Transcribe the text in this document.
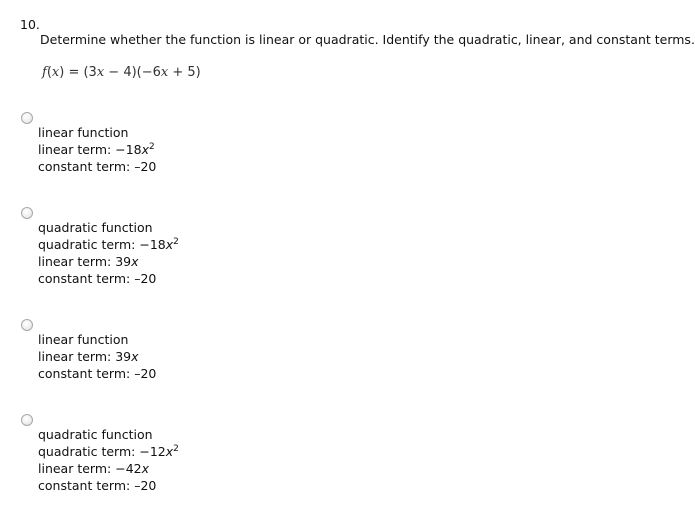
10.
Determine whether the function is linear or quadratic. Identify the quadratic, linear, and constant terms.
f(x) = (3x − 4)(−6x + 5)
linear function
linear term: $-18x^2$
constant term: –20
quadratic function
quadratic term: $-18x^2$
linear term: 39x
constant term: –20
linear function
linear term: 39x
constant term: –20
quadratic function
quadratic term: $-12x^2$
linear term: −42x
constant term: –20
